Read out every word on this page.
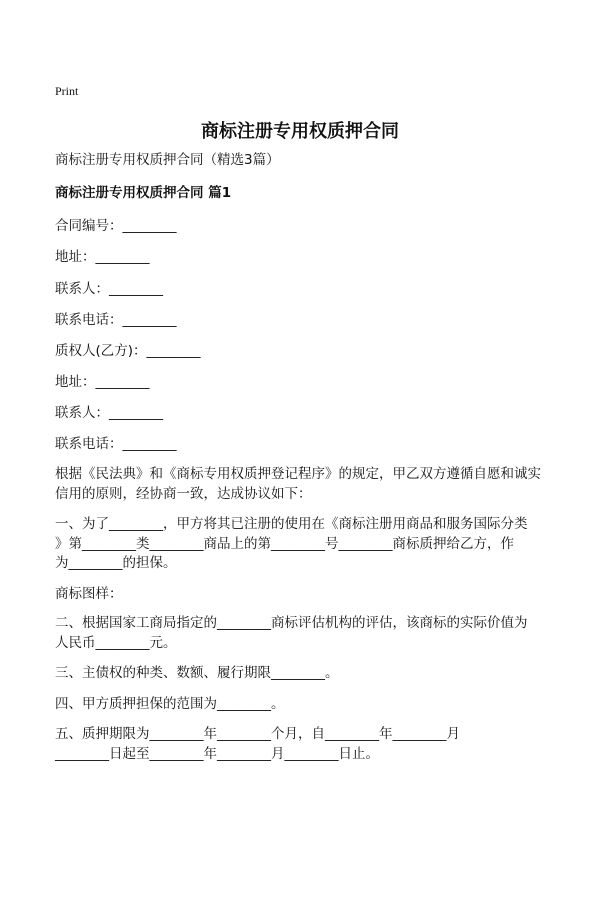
Print
商标注册专用权质押合同
商标注册专用权质押合同（精选3篇）
商标注册专用权质押合同 篇1
合同编号：________
地址：________
联系人：________
联系电话：________
质权人(乙方)：________
地址：________
联系人：________
联系电话：________
根据《民法典》和《商标专用权质押登记程序》的规定，甲乙双方遵循自愿和诚实
信用的原则，经协商一致，达成协议如下：
一、为了________，甲方将其已注册的使用在《商标注册用商品和服务国际分类
》第________类________商品上的第________号________商标质押给乙方，作
为________的担保。
商标图样：
二、根据国家工商局指定的________商标评估机构的评估，该商标的实际价值为
人民币________元。
三、主债权的种类、数额、履行期限________。
四、甲方质押担保的范围为________。
五、质押期限为________年________个月，自________年________月
________日起至________年________月________日止。
